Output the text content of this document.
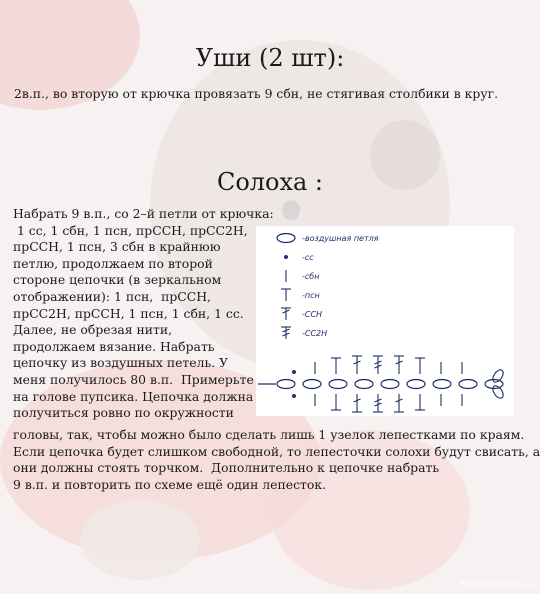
Уши (2 шт):

2в.п., во вторую от крючка провязать 9 сбн, не стягивая столбики в круг.

Солоха :
Набрать 9 в.п., со 2–й петли от крючка:
1 сс, 1 сбн, 1 псн, прССН, прСС2Н,
прССН, 1 псн, 3 сбн в крайнюю
петлю, продолжаем по второй
стороне цепочки (в зеркальном
отображении): 1 псн,  прССН,
прСС2Н, прССН, 1 псн, 1 сбн, 1 сс.
Далее, не обрезая нити,
продолжаем вязание. Набрать
цепочку из воздушных петель. У
меня получилось 80 в.п.  Примерьте
на голове пупсика. Цепочка должна
получиться ровно по окружности
головы, так, чтобы можно было сделать лишь 1 узелок лепестками по краям.
Если цепочка будет слишком свободной, то лепесточки солохи будут свисать, а
они должны стоять торчком.  Дополнительно к цепочке набрать
9 в.п. и повторить по схеме ещё один лепесток.
-воздушная петля
-сс
-сбн
-псн
-ССН
-СС2Н
PassionForum.ru
